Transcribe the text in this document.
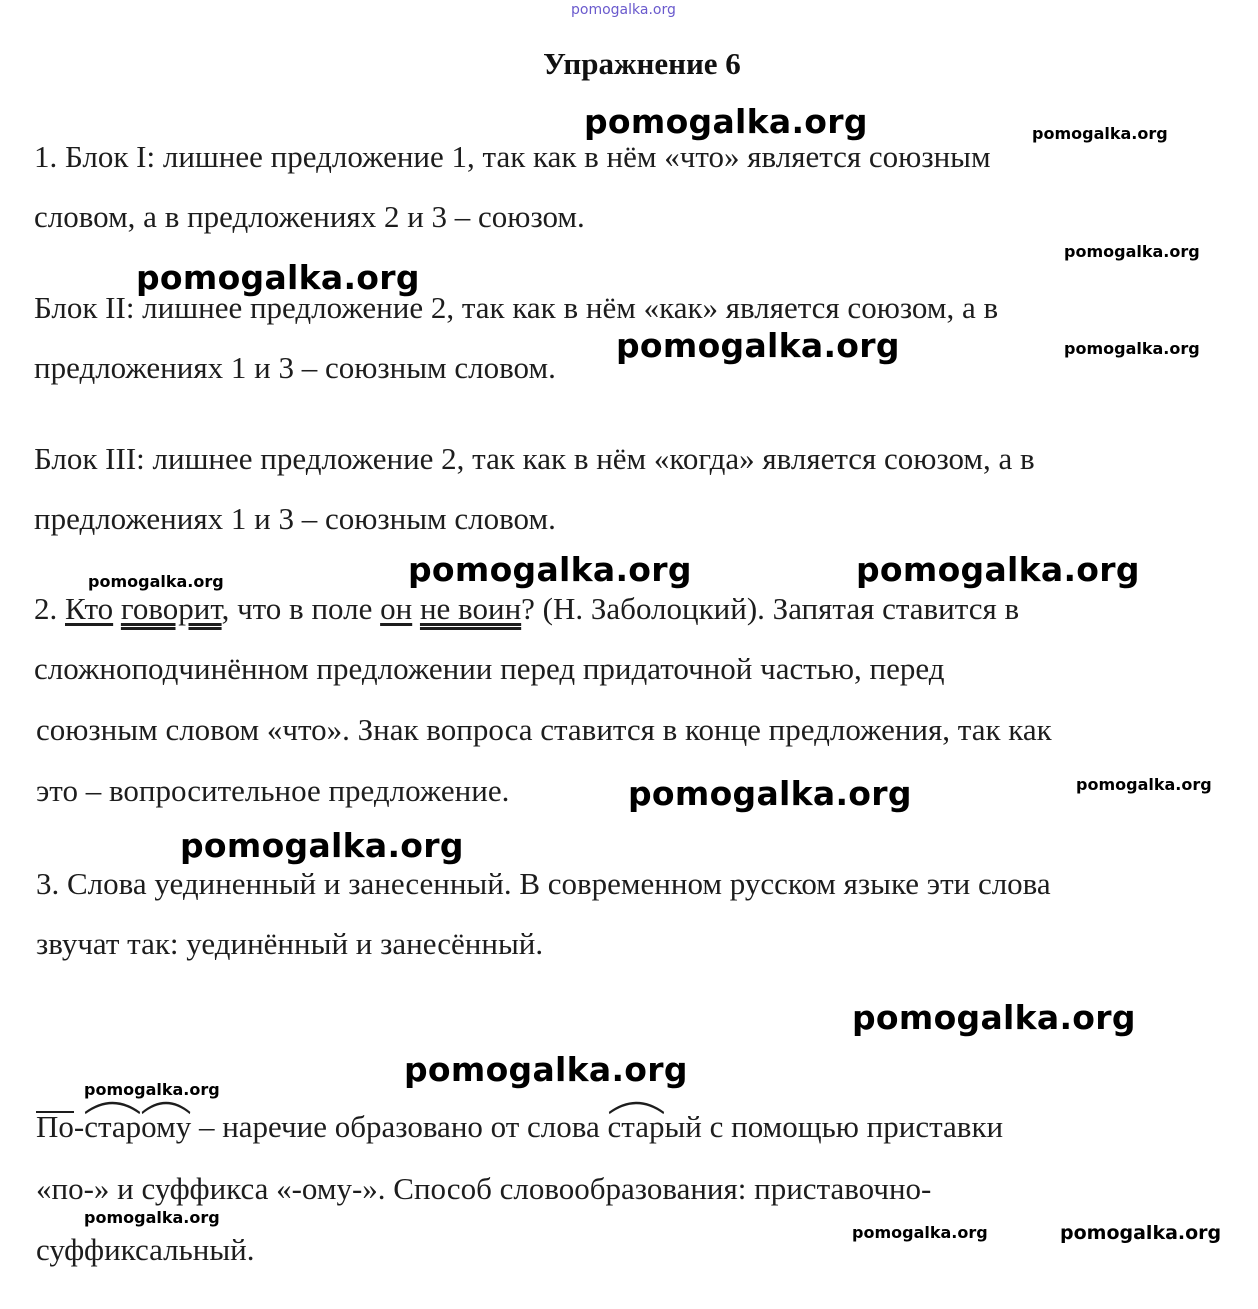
pomogalka.org
Упражнение 6
1. Блок I: лишнее предложение 1, так как в нём «что» является союзным
словом, а в предложениях 2 и 3 – союзом.
Блок II: лишнее предложение 2, так как в нём «как» является союзом, а в
предложениях 1 и 3 – союзным словом.
Блок III: лишнее предложение 2, так как в нём «когда» является союзом, а в
предложениях 1 и 3 – союзным словом.
2. Кто говорит, что в поле он не воин? (Н. Заболоцкий). Запятая ставится в
сложноподчинённом предложении перед придаточной частью, перед
союзным словом «что». Знак вопроса ставится в конце предложения, так как
это – вопросительное предложение.
3. Слова уединенный и занесенный. В современном русском языке эти слова
звучат так: уединённый и занесённый.
По-стар
ому
– наречие образовано от слова стар
ый с помощью приставки
«по-» и суффикса «-ому-». Способ словообразования: приставочно-
суффиксальный.
pomogalka.org	pomogalka.org
pomogalka.org
pomogalka.org
pomogalka.org	pomogalka.org
pomogalka.org	pomogalka.org
pomogalka.org
pomogalka.org
pomogalka.org
pomogalka.org
pomogalka.org
pomogalka.org
pomogalka.org
pomogalka.org
pomogalka.org	pomogalka.org
